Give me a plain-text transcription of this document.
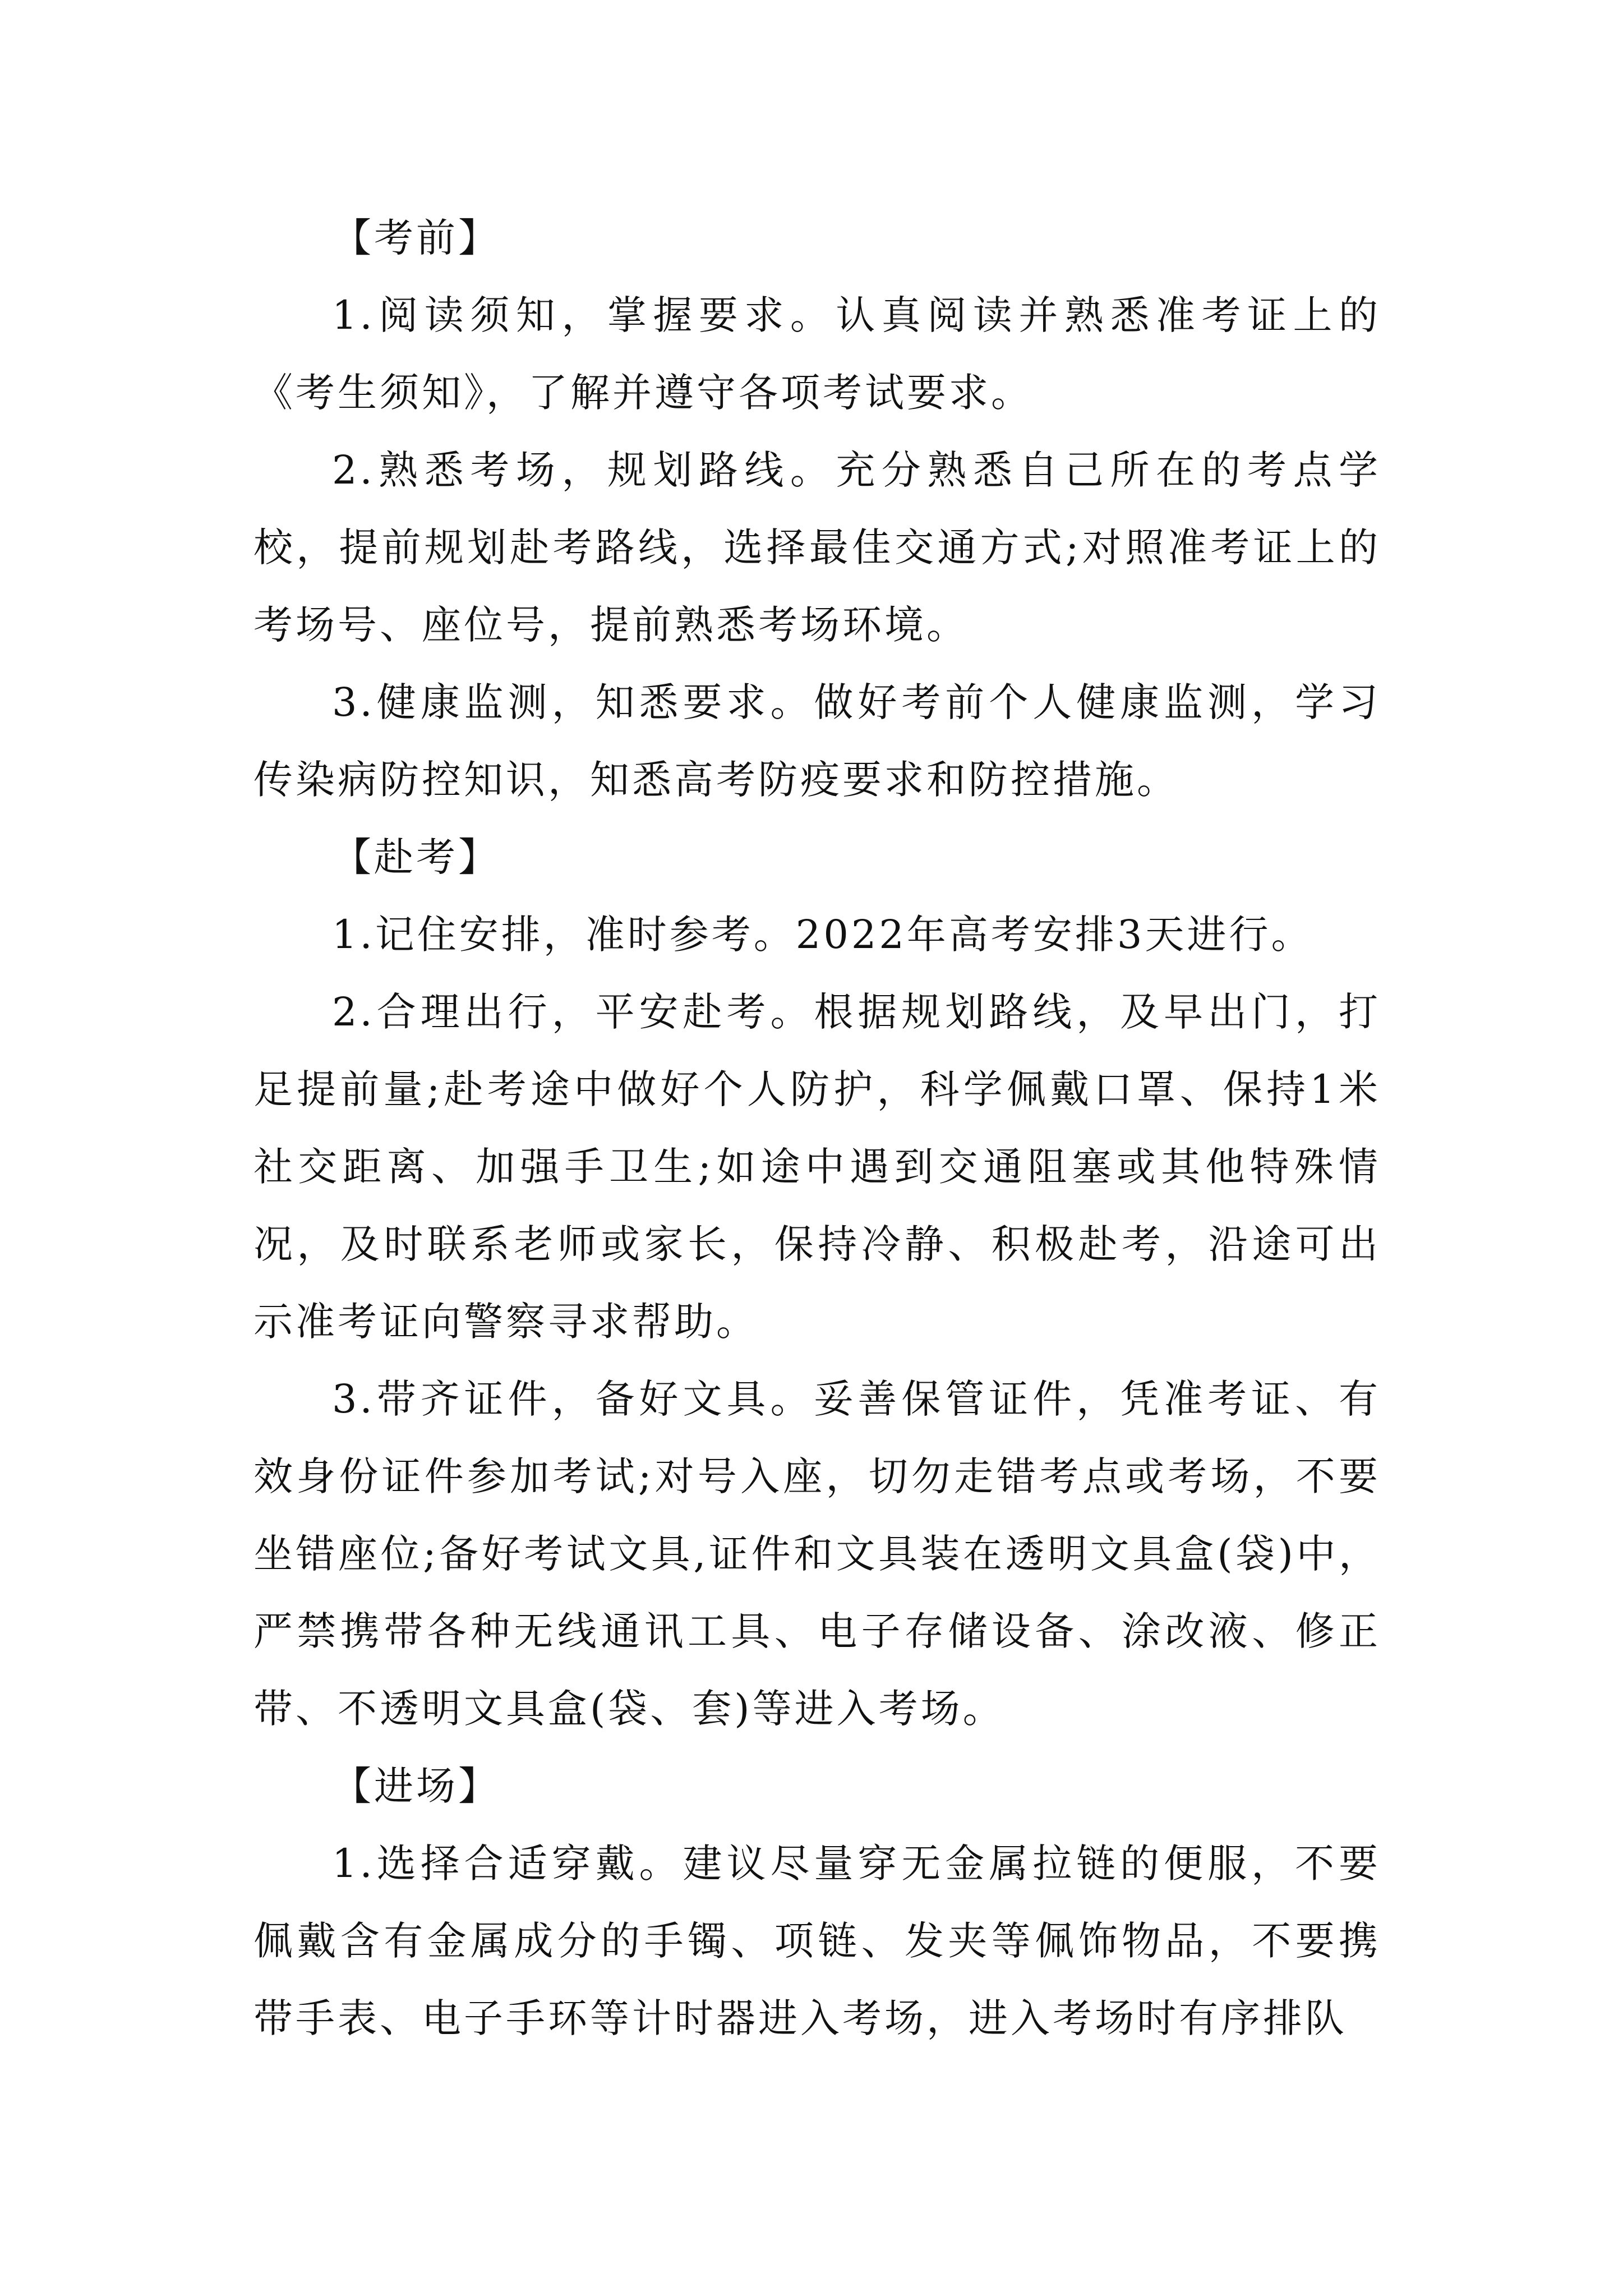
【考前】

1.阅读须知，掌握要求。认真阅读并熟悉准考证上的《考生须知》，了解并遵守各项考试要求。

2.熟悉考场，规划路线。充分熟悉自己所在的考点学校，提前规划赴考路线，选择最佳交通方式;对照准考证上的考场号、座位号，提前熟悉考场环境。

3.健康监测，知悉要求。做好考前个人健康监测，学习传染病防控知识，知悉高考防疫要求和防控措施。

【赴考】

1.记住安排，准时参考。2022年高考安排3天进行。

2.合理出行，平安赴考。根据规划路线，及早出门，打足提前量;赴考途中做好个人防护，科学佩戴口罩、保持1米社交距离、加强手卫生;如途中遇到交通阻塞或其他特殊情况，及时联系老师或家长，保持冷静、积极赴考，沿途可出示准考证向警察寻求帮助。

3.带齐证件，备好文具。妥善保管证件，凭准考证、有效身份证件参加考试;对号入座，切勿走错考点或考场，不要坐错座位;备好考试文具,证件和文具装在透明文具盒(袋)中，严禁携带各种无线通讯工具、电子存储设备、涂改液、修正带、不透明文具盒(袋、套)等进入考场。

【进场】

1.选择合适穿戴。建议尽量穿无金属拉链的便服，不要佩戴含有金属成分的手镯、项链、发夹等佩饰物品，不要携带手表、电子手环等计时器进入考场，进入考场时有序排队
